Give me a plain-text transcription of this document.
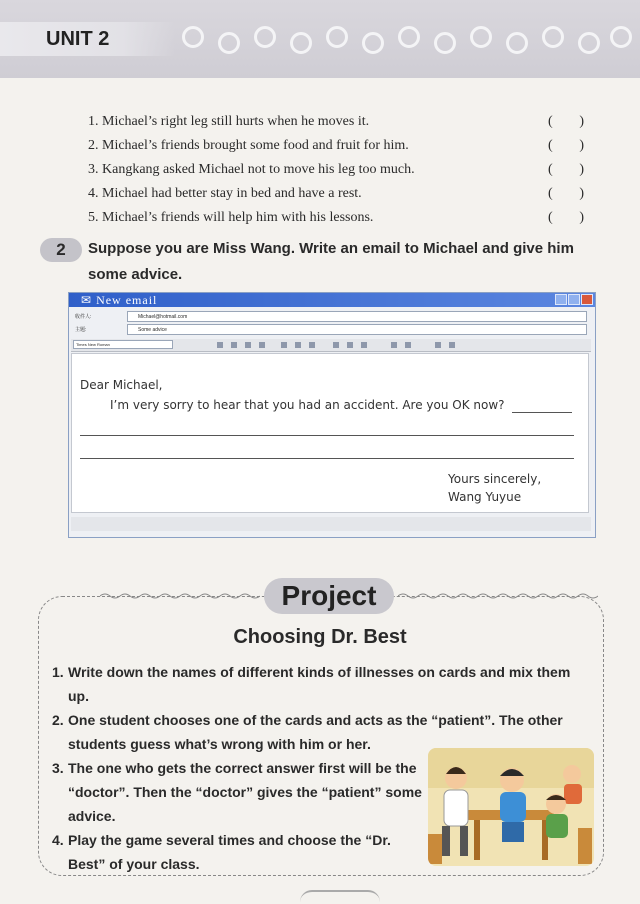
UNIT 2
1. Michael’s right leg still hurts when he moves it.	( )
2. Michael’s friends brought some food and fruit for him.	( )
3. Kangkang asked Michael not to move his leg too much.	( )
4. Michael had better stay in bed and have a rest.	( )
5. Michael’s friends will help him with his lessons.	( )
2	Suppose you are Miss Wang. Write an email to Michael and give him some advice.
✉ New email
收件人:	Michael@hotmail.com
主题:	Some advice
Times New Roman
Dear Michael,
I’m very sorry to hear that you had an accident. Are you OK now?
Yours sincerely,
Wang Yuyue
Project
Choosing Dr. Best
1. Write down the names of different kinds of illnesses on cards and mix them up.
2. One student chooses one of the cards and acts as the “patient”. The other students guess what’s wrong with him or her.
3. The one who gets the correct answer first will be the “doctor”. Then the “doctor” gives the “patient” some advice.
4. Play the game several times and choose the “Dr. Best” of your class.
